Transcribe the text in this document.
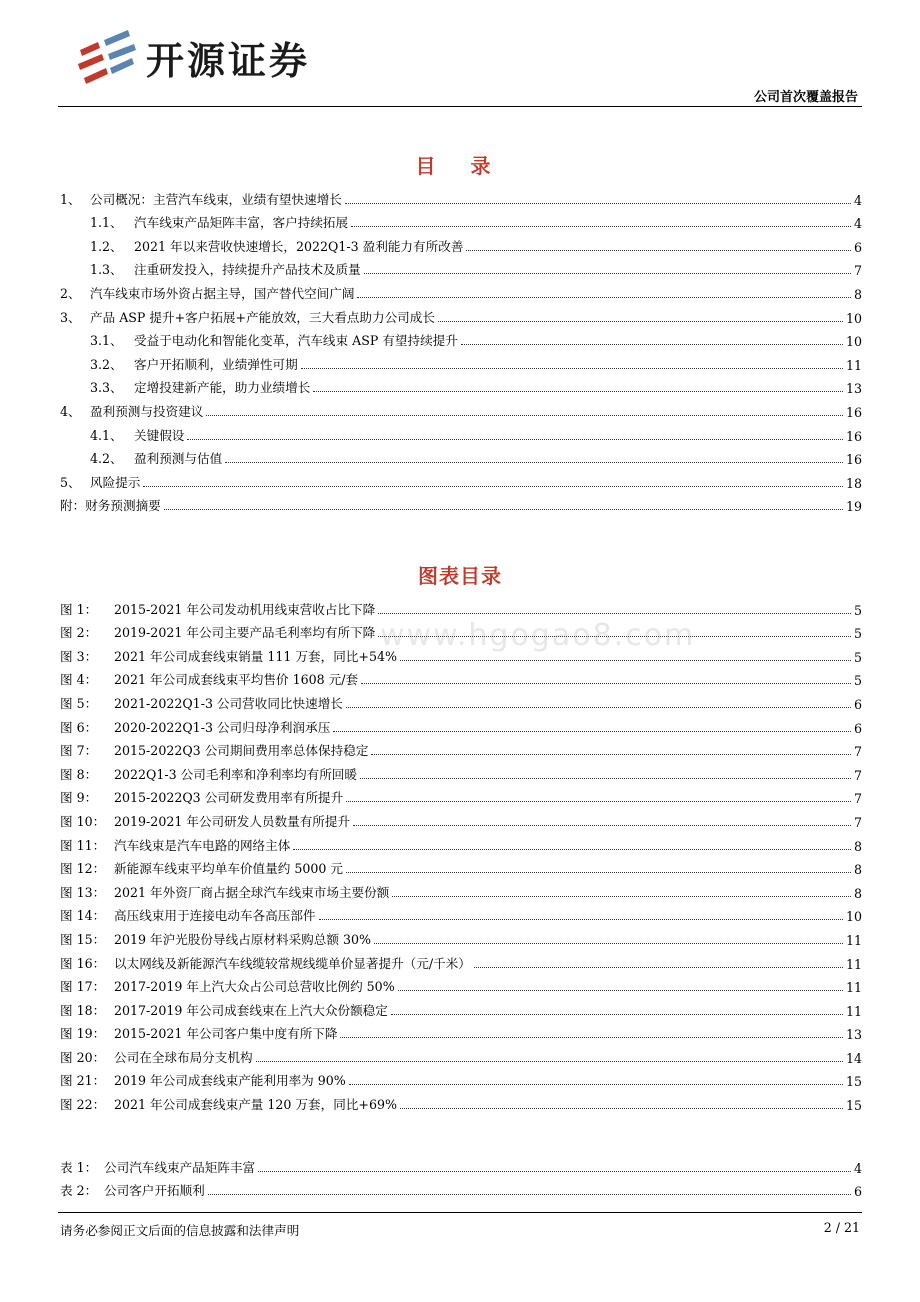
开源证券
公司首次覆盖报告
目 录
1、 公司概况：主营汽车线束，业绩有望快速增长	4
1.1、 汽车线束产品矩阵丰富，客户持续拓展	4
1.2、 2021 年以来营收快速增长，2022Q1-3 盈利能力有所改善	6
1.3、 注重研发投入，持续提升产品技术及质量	7
2、 汽车线束市场外资占据主导，国产替代空间广阔	8
3、 产品 ASP 提升+客户拓展+产能放效，三大看点助力公司成长	10
3.1、 受益于电动化和智能化变革，汽车线束 ASP 有望持续提升	10
3.2、 客户开拓顺利，业绩弹性可期	11
3.3、 定增投建新产能，助力业绩增长	13
4、 盈利预测与投资建议	16
4.1、 关键假设	16
4.2、 盈利预测与估值	16
5、 风险提示	18
附：财务预测摘要	19
图表目录
图 1：	2015-2021 年公司发动机用线束营收占比下降	5
图 2：	2019-2021 年公司主要产品毛利率均有所下降	5
图 3：	2021 年公司成套线束销量 111 万套，同比+54%	5
图 4：	2021 年公司成套线束平均售价 1608 元/套	5
图 5：	2021-2022Q1-3 公司营收同比快速增长	6
图 6：	2020-2022Q1-3 公司归母净利润承压	6
图 7：	2015-2022Q3 公司期间费用率总体保持稳定	7
图 8：	2022Q1-3 公司毛利率和净利率均有所回暖	7
图 9：	2015-2022Q3 公司研发费用率有所提升	7
图 10： 2019-2021 年公司研发人员数量有所提升	7
图 11： 汽车线束是汽车电路的网络主体	8
图 12： 新能源车线束平均单车价值量约 5000 元	8
图 13： 2021 年外资厂商占据全球汽车线束市场主要份额	8
图 14： 高压线束用于连接电动车各高压部件	10
图 15： 2019 年沪光股份导线占原材料采购总额 30%	11
图 16： 以太网线及新能源汽车线缆较常规线缆单价显著提升（元/千米）	11
图 17： 2017-2019 年上汽大众占公司总营收比例约 50%	11
图 18： 2017-2019 年公司成套线束在上汽大众份额稳定	11
图 19： 2015-2021 年公司客户集中度有所下降	13
图 20： 公司在全球布局分支机构	14
图 21： 2019 年公司成套线束产能利用率为 90%	15
图 22： 2021 年公司成套线束产量 120 万套，同比+69%	15
表 1： 公司汽车线束产品矩阵丰富	4
表 2： 公司客户开拓顺利	6
www.hgogao8.com
请务必参阅正文后面的信息披露和法律声明	2 / 21
